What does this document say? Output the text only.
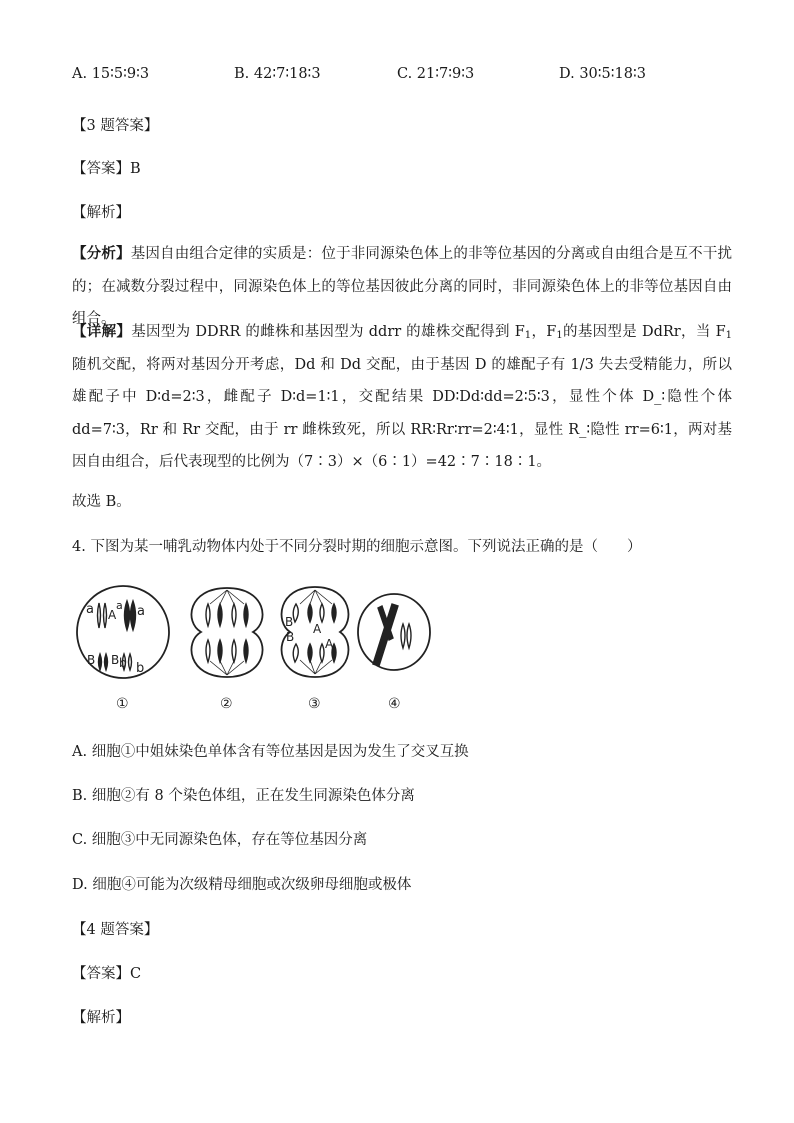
A. 15∶5∶9∶3	B. 42∶7∶18∶3	C. 21∶7∶9∶3	D. 30∶5∶18∶3
【3 题答案】
【答案】B
【解析】
【分析】基因自由组合定律的实质是：位于非同源染色体上的非等位基因的分离或自由组合是互不干扰的；在减数分裂过程中，同源染色体上的等位基因彼此分离的同时，非同源染色体上的非等位基因自由组合。
【详解】基因型为 DDRR 的雌株和基因型为 ddrr 的雄株交配得到 $F_1$，$F_1$的基因型是 DdRr，当 $F_1$随机交配，将两对基因分开考虑，Dd 和 Dd 交配，由于基因 D 的雄配子有 1/3 失去受精能力，所以雄配子中 D∶d=2∶3，雌配子 D∶d=1∶1，交配结果 DD∶Dd∶dd=2∶5∶3，显性个体 D_∶隐性个体 dd=7∶3，Rr 和 Rr 交配，由于 rr 雌株致死，所以 RR∶Rr∶rr=2∶4∶1，显性 R_∶隐性 rr=6∶1，两对基因自由组合，后代表现型的比例为（7∶3）×（6∶1）=42∶7∶18∶1。
故选 B。
4. 下图为某一哺乳动物体内处于不同分裂时期的细胞示意图。下列说法正确的是（　　）
a A
a a
B B b b
B A
B	A
①	②	③	④
A. 细胞①中姐妹染色单体含有等位基因是因为发生了交叉互换
B. 细胞②有 8 个染色体组，正在发生同源染色体分离
C. 细胞③中无同源染色体，存在等位基因分离
D. 细胞④可能为次级精母细胞或次级卵母细胞或极体
【4 题答案】
【答案】C
【解析】
